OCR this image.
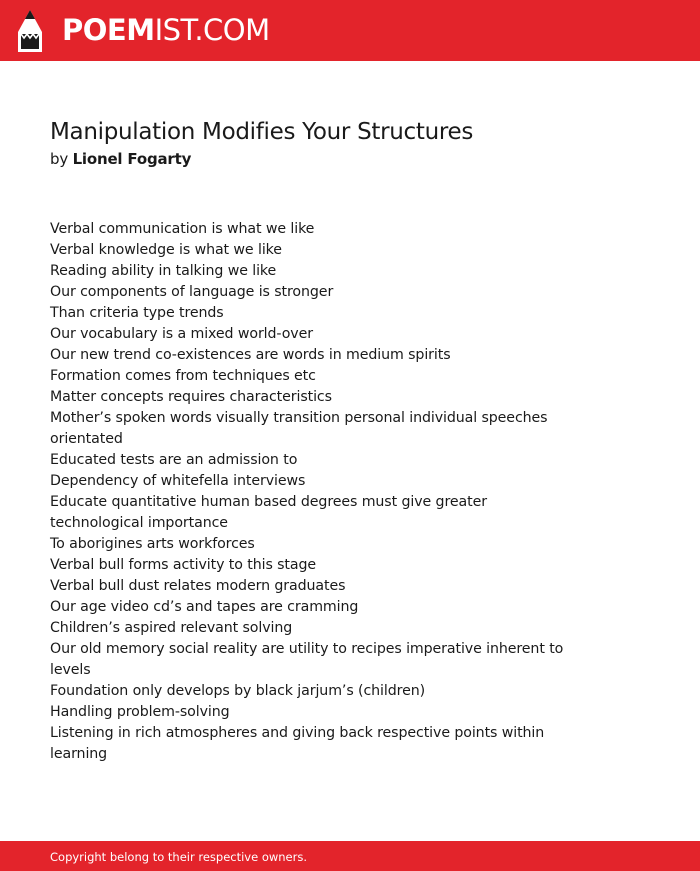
POEMIST.COM
Manipulation Modifies Your Structures
by Lionel Fogarty
Verbal communication is what we like
Verbal knowledge is what we like
Reading ability in talking we like
Our components of language is stronger
Than criteria type trends
Our vocabulary is a mixed world-over
Our new trend co-existences are words in medium spirits
Formation comes from techniques etc
Matter concepts requires characteristics
Mother’s spoken words visually transition personal individual speeches orientated
Educated tests are an admission to
Dependency of whitefella interviews
Educate quantitative human based degrees must give greater technological importance
To aborigines arts workforces
Verbal bull forms activity to this stage
Verbal bull dust relates modern graduates
Our age video cd’s and tapes are cramming
Children’s aspired relevant solving
Our old memory social reality are utility to recipes imperative inherent to levels
Foundation only develops by black jarjum’s (children)
Handling problem-solving
Listening in rich atmospheres and giving back respective points within learning
Copyright belong to their respective owners.
